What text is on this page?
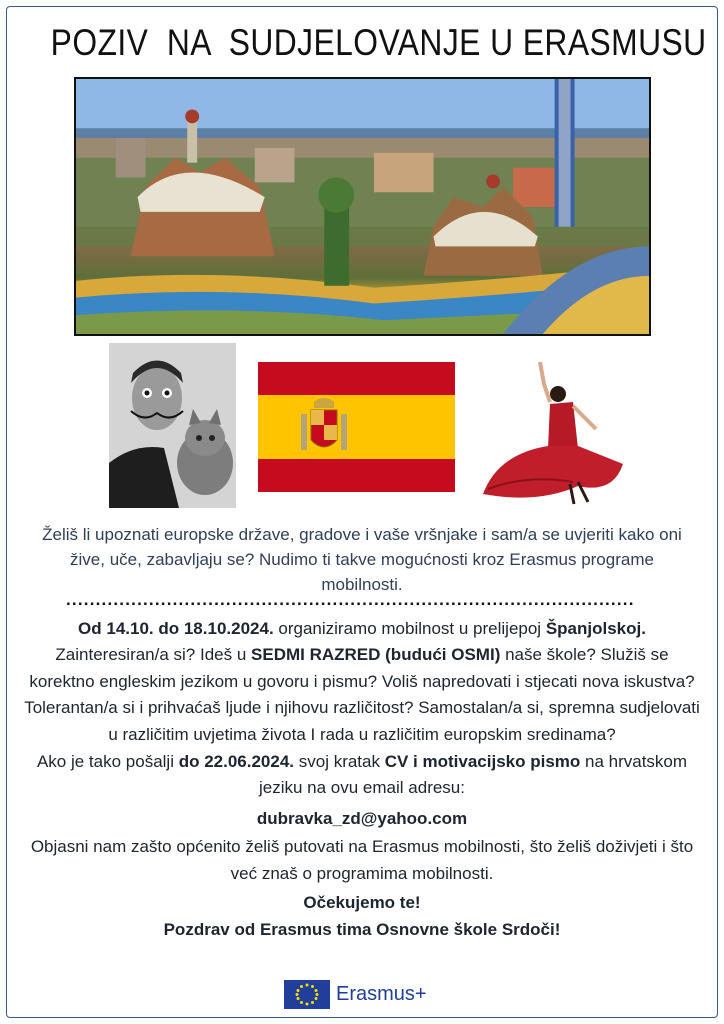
POZIV  NA  SUDJELOVANJE U ERASMUSU

Želiš li upoznati europske države, gradove i vaše vršnjake i sam/a se uvjeriti kako oni žive, uče, zabavljaju se? Nudimo ti takve mogućnosti kroz Erasmus programe mobilnosti.

................................................................................................

Od 14.10. do 18.10.2024. organiziramo mobilnost u prelijepoj Španjolskoj. Zainteresiran/a si? Ideš u SEDMI RAZRED (budući OSMI) naše škole? Služiš se korektno engleskim jezikom u govoru i pismu? Voliš napredovati i stjecati nova iskustva? Tolerantan/a si i prihvaćaš ljude i njihovu različitost? Samostalan/a si, spremna sudjelovati u različitim uvjetima života I rada u različitim europskim sredinama?

Ako je tako pošalji do 22.06.2024. svoj kratak CV i motivacijsko pismo na hrvatskom jeziku na ovu email adresu:

dubravka_zd@yahoo.com

Objasni nam zašto općenito želiš putovati na Erasmus mobilnosti, što želiš doživjeti i što već znaš o programima mobilnosti.

Očekujemo te!

Pozdrav od Erasmus tima Osnovne škole Srdoči!

Erasmus+
